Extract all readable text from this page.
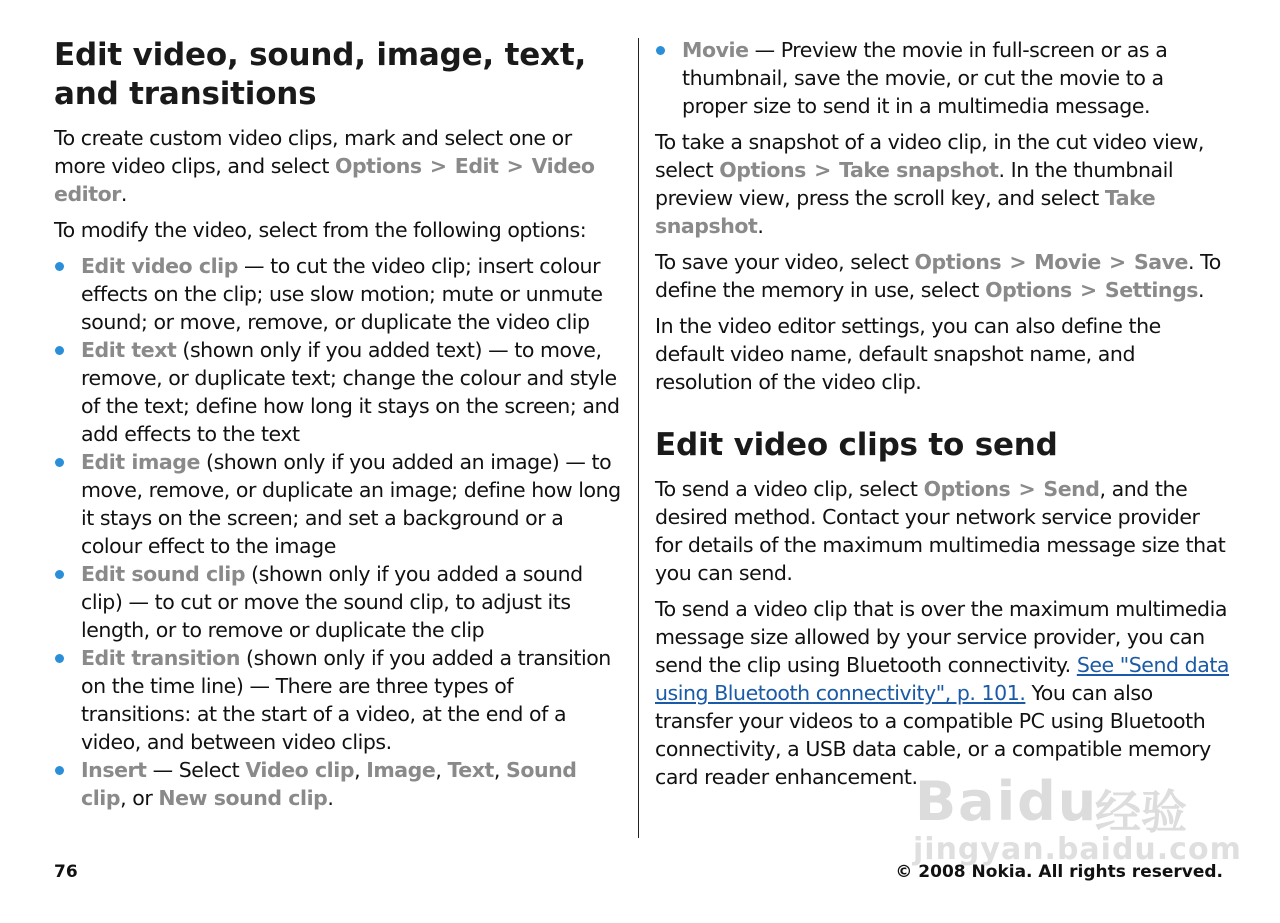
Edit video, sound, image, text, and transitions

To create custom video clips, mark and select one or more video clips, and select Options > Edit > Video editor.

To modify the video, select from the following options:

Edit video clip — to cut the video clip; insert colour effects on the clip; use slow motion; mute or unmute sound; or move, remove, or duplicate the video clip
Edit text (shown only if you added text) — to move, remove, or duplicate text; change the colour and style of the text; define how long it stays on the screen; and add effects to the text
Edit image (shown only if you added an image) — to move, remove, or duplicate an image; define how long it stays on the screen; and set a background or a colour effect to the image
Edit sound clip (shown only if you added a sound clip) — to cut or move the sound clip, to adjust its length, or to remove or duplicate the clip
Edit transition (shown only if you added a transition on the time line) — There are three types of transitions: at the start of a video, at the end of a video, and between video clips.
Insert — Select Video clip, Image, Text, Sound clip, or New sound clip.
Movie — Preview the movie in full-screen or as a thumbnail, save the movie, or cut the movie to a proper size to send it in a multimedia message.

To take a snapshot of a video clip, in the cut video view, select Options > Take snapshot. In the thumbnail preview view, press the scroll key, and select Take snapshot.

To save your video, select Options > Movie > Save. To define the memory in use, select Options > Settings.

In the video editor settings, you can also define the default video name, default snapshot name, and resolution of the video clip.

Edit video clips to send

To send a video clip, select Options > Send, and the desired method. Contact your network service provider for details of the maximum multimedia message size that you can send.

To send a video clip that is over the maximum multimedia message size allowed by your service provider, you can send the clip using Bluetooth connectivity. See "Send data using Bluetooth connectivity", p. 101. You can also transfer your videos to a compatible PC using Bluetooth connectivity, a USB data cable, or a compatible memory card reader enhancement.

76	© 2008 Nokia. All rights reserved.
Baidu
经验
jingyan.baidu.com
